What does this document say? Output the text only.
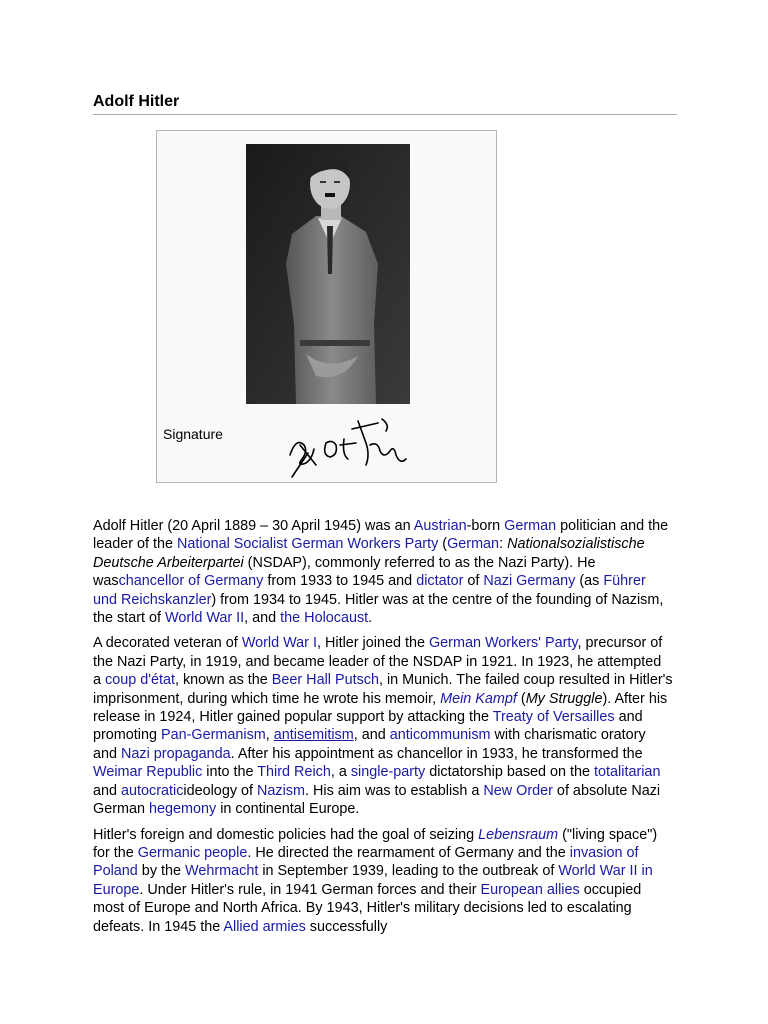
Adolf Hitler
Signature

Adolf Hitler (20 April 1889 – 30 April 1945) was an Austrian-born German politician and the leader of the National Socialist German Workers Party (German: Nationalsozialistische Deutsche Arbeiterpartei (NSDAP), commonly referred to as the Nazi Party). He waschancellor of Germany from 1933 to 1945 and dictator of Nazi Germany (as Führer und Reichskanzler) from 1934 to 1945. Hitler was at the centre of the founding of Nazism, the start of World War II, and the Holocaust.

A decorated veteran of World War I, Hitler joined the German Workers' Party, precursor of the Nazi Party, in 1919, and became leader of the NSDAP in 1921. In 1923, he attempted a coup d'état, known as the Beer Hall Putsch, in Munich. The failed coup resulted in Hitler's imprisonment, during which time he wrote his memoir, Mein Kampf (My Struggle). After his release in 1924, Hitler gained popular support by attacking the Treaty of Versailles and promoting Pan-Germanism, antisemitism, and anticommunism with charismatic oratory and Nazi propaganda. After his appointment as chancellor in 1933, he transformed the Weimar Republic into the Third Reich, a single-party dictatorship based on the totalitarian and autocraticideology of Nazism. His aim was to establish a New Order of absolute Nazi German hegemony in continental Europe.

Hitler's foreign and domestic policies had the goal of seizing Lebensraum ("living space") for the Germanic people. He directed the rearmament of Germany and the invasion of Poland by the Wehrmacht in September 1939, leading to the outbreak of World War II in Europe. Under Hitler's rule, in 1941 German forces and their European allies occupied most of Europe and North Africa. By 1943, Hitler's military decisions led to escalating defeats. In 1945 the Allied armies successfully
